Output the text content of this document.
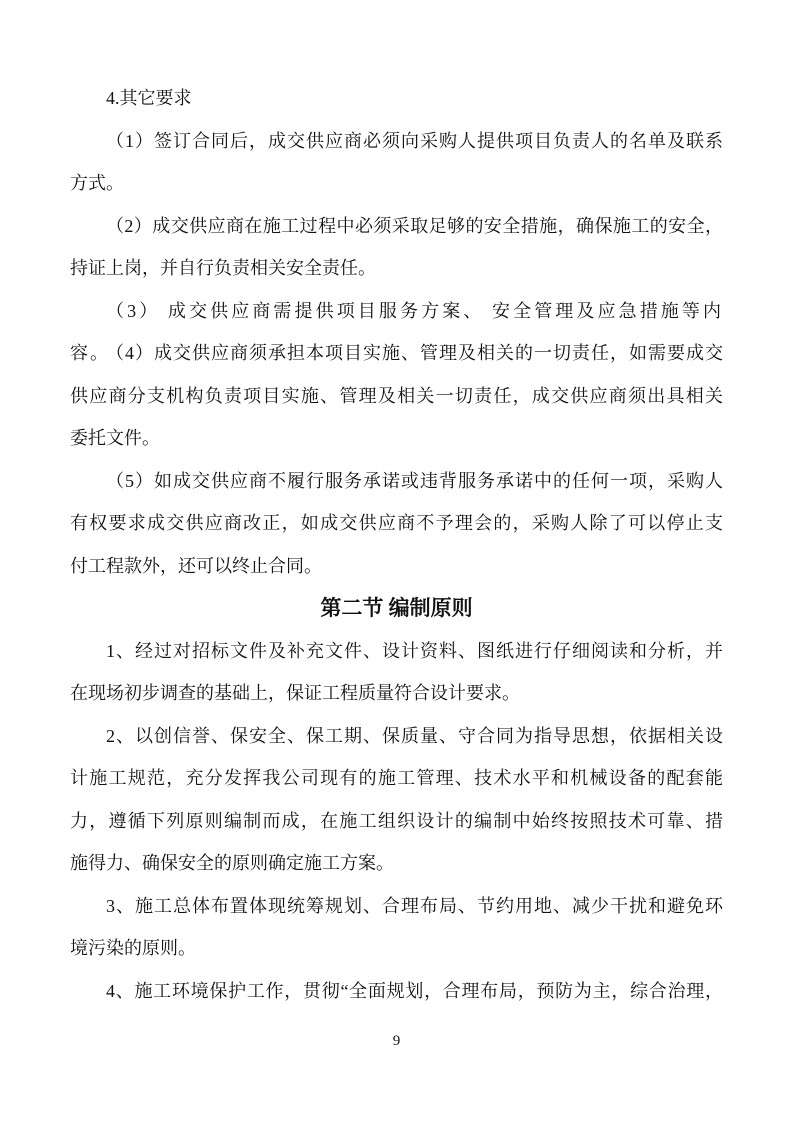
4.其它要求
（1）签订合同后，成交供应商必须向采购人提供项目负责人的名单及联系
方式。
（2）成交供应商在施工过程中必须采取足够的安全措施，确保施工的安全，
持证上岗，并自行负责相关安全责任。
（3） 成交供应商需提供项目服务方案、 安全管理及应急措施等内容。
（4）成交供应商须承担本项目实施、管理及相关的一切责任，如需要成交
供应商分支机构负责项目实施、管理及相关一切责任，成交供应商须出具相关
委托文件。
（5）如成交供应商不履行服务承诺或违背服务承诺中的任何一项，采购人
有权要求成交供应商改正，如成交供应商不予理会的，采购人除了可以停止支
付工程款外，还可以终止合同。
第二节 编制原则
1、经过对招标文件及补充文件、设计资料、图纸进行仔细阅读和分析，并
在现场初步调查的基础上，保证工程质量符合设计要求。
2、以创信誉、保安全、保工期、保质量、守合同为指导思想，依据相关设
计施工规范，充分发挥我公司现有的施工管理、技术水平和机械设备的配套能
力，遵循下列原则编制而成，在施工组织设计的编制中始终按照技术可靠、措
施得力、确保安全的原则确定施工方案。
3、施工总体布置体现统筹规划、合理布局、节约用地、减少干扰和避免环
境污染的原则。
4、施工环境保护工作，贯彻“全面规划，合理布局，预防为主，综合治理，
9
